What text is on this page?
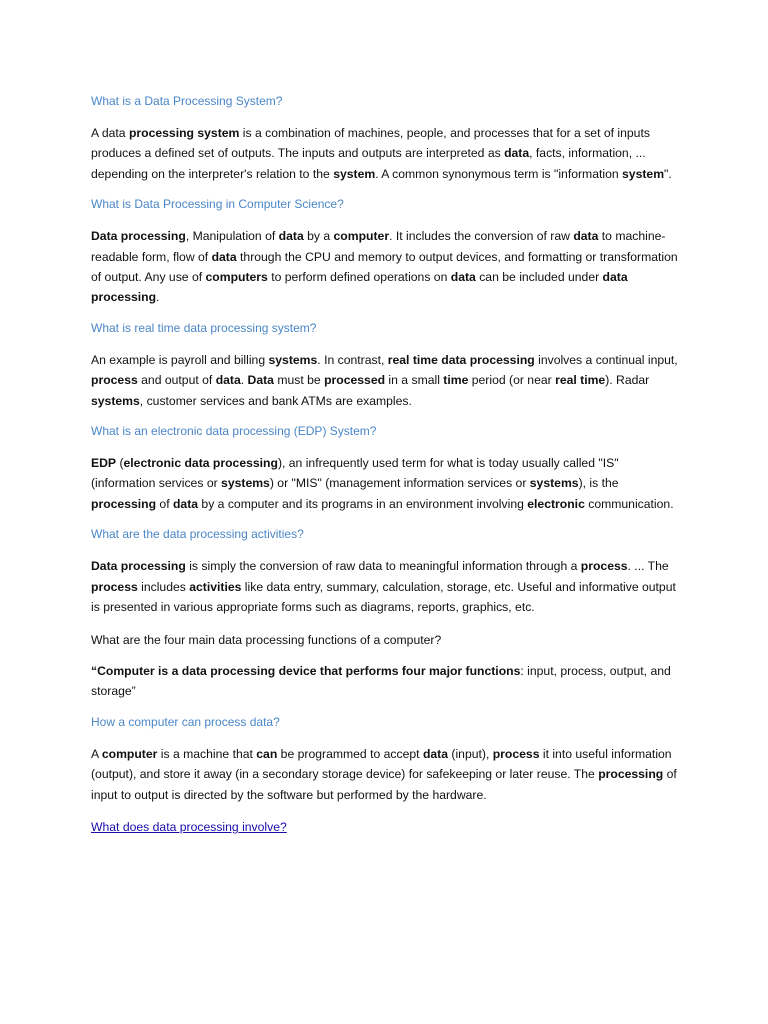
What is a Data Processing System?

A data processing system is a combination of machines, people, and processes that for a set of inputs produces a defined set of outputs. The inputs and outputs are interpreted as data, facts, information, ... depending on the interpreter's relation to the system. A common synonymous term is "information system".

What is Data Processing in Computer Science?

Data processing, Manipulation of data by a computer. It includes the conversion of raw data to machine-readable form, flow of data through the CPU and memory to output devices, and formatting or transformation of output. Any use of computers to perform defined operations on data can be included under data processing.

What is real time data processing system?

An example is payroll and billing systems. In contrast, real time data processing involves a continual input, process and output of data. Data must be processed in a small time period (or near real time). Radar systems, customer services and bank ATMs are examples.

What is an electronic data processing (EDP) System?

EDP (electronic data processing), an infrequently used term for what is today usually called "IS" (information services or systems) or "MIS" (management information services or systems), is the processing of data by a computer and its programs in an environment involving electronic communication.

What are the data processing activities?

Data processing is simply the conversion of raw data to meaningful information through a process. ... The process includes activities like data entry, summary, calculation, storage, etc. Useful and informative output is presented in various appropriate forms such as diagrams, reports, graphics, etc.

What are the four main data processing functions of a computer?

“Computer is a data processing device that performs four major functions: input, process, output, and storage”

How a computer can process data?

A computer is a machine that can be programmed to accept data (input), process it into useful information (output), and store it away (in a secondary storage device) for safekeeping or later reuse. The processing of input to output is directed by the software but performed by the hardware.

What does data processing involve?
